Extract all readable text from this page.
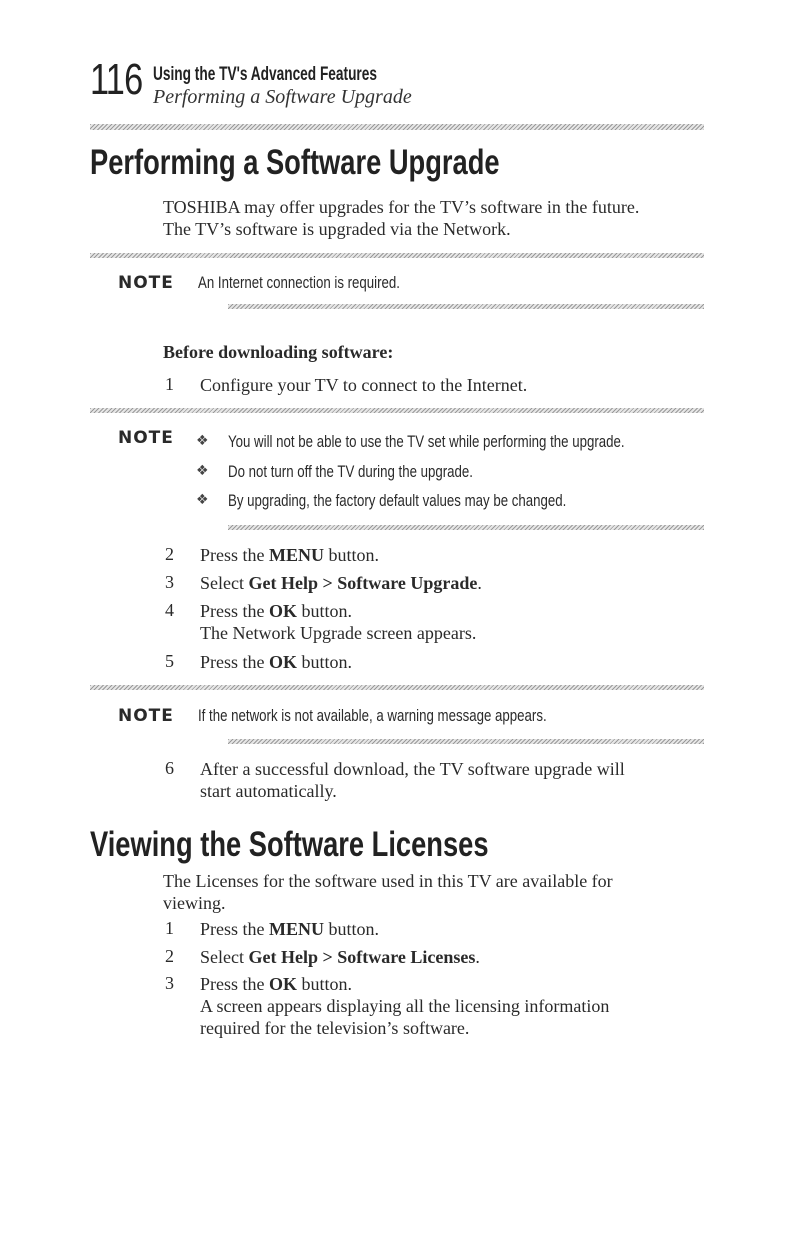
116 Using the TV's Advanced Features
Performing a Software Upgrade
Performing a Software Upgrade
TOSHIBA may offer upgrades for the TV’s software in the future.
The TV’s software is upgraded via the Network.
NOTE An Internet connection is required.
Before downloading software:
1 Configure your TV to connect to the Internet.
NOTE ❖ You will not be able to use the TV set while performing the upgrade.
❖ Do not turn off the TV during the upgrade.
❖ By upgrading, the factory default values may be changed.
2 Press the MENU button.
3 Select Get Help > Software Upgrade.
4 Press the OK button.
The Network Upgrade screen appears.
5 Press the OK button.
NOTE If the network is not available, a warning message appears.
6 After a successful download, the TV software upgrade will
start automatically.
Viewing the Software Licenses
The Licenses for the software used in this TV are available for
viewing.
1 Press the MENU button.
2 Select Get Help > Software Licenses.
3 Press the OK button.
A screen appears displaying all the licensing information
required for the television’s software.
